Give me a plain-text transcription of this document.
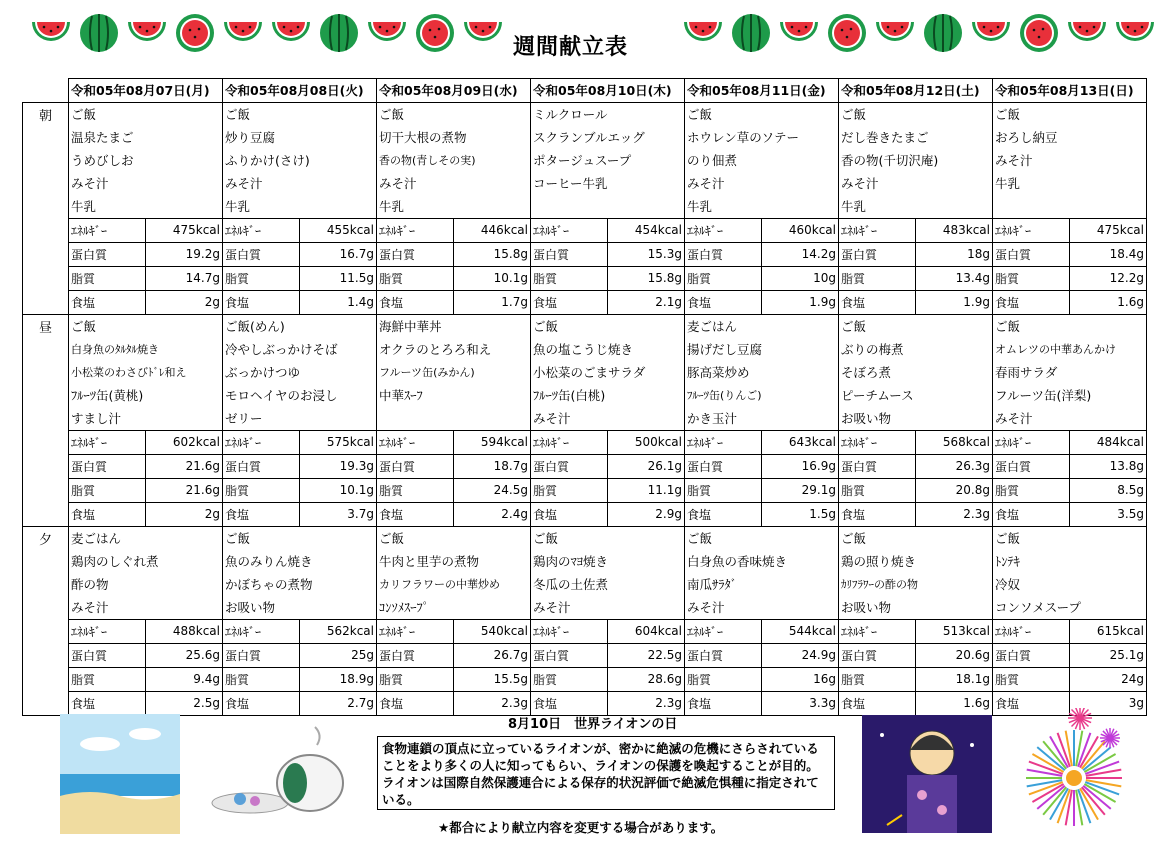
週間献立表
	令和05年08月07日(月)		令和05年08月08日(火)		令和05年08月09日(水)		令和05年08月10日(木)		令和05年08月11日(金)		令和05年08月12日(土)		令和05年08月13日(日)	
朝	ご飯		ご飯		ご飯		ミルクロール		ご飯		ご飯		ご飯	
	温泉たまご		炒り豆腐		切干大根の煮物		スクランブルエッグ		ホウレン草のソテー		だし巻きたまご		おろし納豆	
	うめびしお		ふりかけ(さけ)		香の物(青しその実)		ポタージュスープ		のり佃煮		香の物(千切沢庵)		みそ汁	
	みそ汁		みそ汁		みそ汁		コーヒー牛乳		みそ汁		みそ汁		牛乳	
	牛乳		牛乳		牛乳				牛乳		牛乳			
	ｴﾈﾙｷﾞｰ	475kcal	ｴﾈﾙｷﾞｰ	455kcal	ｴﾈﾙｷﾞｰ	446kcal	ｴﾈﾙｷﾞｰ	454kcal	ｴﾈﾙｷﾞｰ	460kcal	ｴﾈﾙｷﾞｰ	483kcal	ｴﾈﾙｷﾞｰ	475kcal
	蛋白質	19.2g	蛋白質	16.7g	蛋白質	15.8g	蛋白質	15.3g	蛋白質	14.2g	蛋白質	18g	蛋白質	18.4g
	脂質	14.7g	脂質	11.5g	脂質	10.1g	脂質	15.8g	脂質	10g	脂質	13.4g	脂質	12.2g
	食塩	2g	食塩	1.4g	食塩	1.7g	食塩	2.1g	食塩	1.9g	食塩	1.9g	食塩	1.6g
昼	ご飯		ご飯(めん)		海鮮中華丼		ご飯		麦ごはん		ご飯		ご飯	
	白身魚のﾀﾙﾀﾙ焼き		冷やしぶっかけそば		オクラのとろろ和え		魚の塩こうじ焼き		揚げだし豆腐		ぶりの梅煮		オムレツの中華あんかけ	
	小松菜のわさびﾄﾞﾚ和え		ぶっかけつゆ		フルーツ缶(みかん)		小松菜のごまサラダ		豚高菜炒め		そぼろ煮		春雨サラダ	
	ﾌﾙｰﾂ缶(黄桃)		モロヘイヤのお浸し		中華ｽｰﾌ		ﾌﾙｰﾂ缶(白桃)		ﾌﾙｰﾂ缶(りんご)		ピーチムース		フルーツ缶(洋梨)	
	すまし汁		ゼリー				みそ汁		かき玉汁		お吸い物		みそ汁	
	ｴﾈﾙｷﾞｰ	602kcal	ｴﾈﾙｷﾞｰ	575kcal	ｴﾈﾙｷﾞｰ	594kcal	ｴﾈﾙｷﾞｰ	500kcal	ｴﾈﾙｷﾞｰ	643kcal	ｴﾈﾙｷﾞｰ	568kcal	ｴﾈﾙｷﾞｰ	484kcal
	蛋白質	21.6g	蛋白質	19.3g	蛋白質	18.7g	蛋白質	26.1g	蛋白質	16.9g	蛋白質	26.3g	蛋白質	13.8g
	脂質	21.6g	脂質	10.1g	脂質	24.5g	脂質	11.1g	脂質	29.1g	脂質	20.8g	脂質	8.5g
	食塩	2g	食塩	3.7g	食塩	2.4g	食塩	2.9g	食塩	1.5g	食塩	2.3g	食塩	3.5g
夕	麦ごはん		ご飯		ご飯		ご飯		ご飯		ご飯		ご飯	
	鶏肉のしぐれ煮		魚のみりん焼き		牛肉と里芋の煮物		鶏肉のﾏﾖ焼き		白身魚の香味焼き		鶏の照り焼き		ﾄﾝﾃｷ	
	酢の物		かぼちゃの煮物		カリフラワーの中華炒め		冬瓜の土佐煮		南瓜ｻﾗﾀﾞ		ｶﾘﾌﾗﾜｰの酢の物		冷奴	
	みそ汁		お吸い物		ｺﾝｿﾒｽｰﾌﾟ		みそ汁		みそ汁		お吸い物		コンソメスープ	
	ｴﾈﾙｷﾞｰ	488kcal	ｴﾈﾙｷﾞｰ	562kcal	ｴﾈﾙｷﾞｰ	540kcal	ｴﾈﾙｷﾞｰ	604kcal	ｴﾈﾙｷﾞｰ	544kcal	ｴﾈﾙｷﾞｰ	513kcal	ｴﾈﾙｷﾞｰ	615kcal
	蛋白質	25.6g	蛋白質	25g	蛋白質	26.7g	蛋白質	22.5g	蛋白質	24.9g	蛋白質	20.6g	蛋白質	25.1g
	脂質	9.4g	脂質	18.9g	脂質	15.5g	脂質	28.6g	脂質	16g	脂質	18.1g	脂質	24g
	食塩	2.5g	食塩	2.7g	食塩	2.3g	食塩	2.3g	食塩	3.3g	食塩	1.6g	食塩	3g
8月10日　世界ライオンの日
食物連鎖の頂点に立っているライオンが、密かに絶滅の危機にさらされていることをより多くの人に知ってもらい、ライオンの保護を喚起することが目的。ライオンは国際自然保護連合による保存的状況評価で絶滅危惧種に指定されている。
★都合により献立内容を変更する場合があります。
